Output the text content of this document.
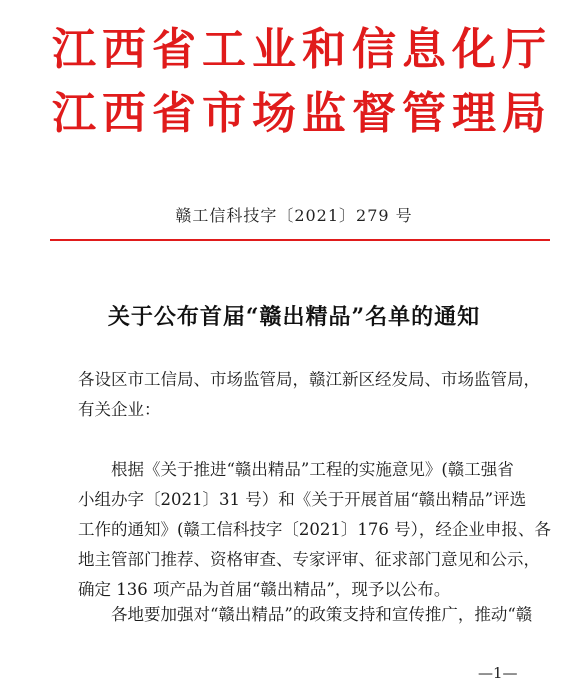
江西省工业和信息化厅
江西省市场监督管理局
赣工信科技字〔2021〕279 号
关于公布首届“赣出精品”名单的通知

各设区市工信局、市场监管局，赣江新区经发局、市场监管局，

有关企业：

根据《关于推进“赣出精品”工程的实施意见》(赣工强省

小组办字〔2021〕31 号）和《关于开展首届“赣出精品”评选

工作的通知》(赣工信科技字〔2021〕176 号），经企业申报、各

地主管部门推荐、资格审查、专家评审、征求部门意见和公示，

确定 136 项产品为首届“赣出精品”，现予以公布。

各地要加强对“赣出精品”的政策支持和宣传推广，推动“赣

—1—
